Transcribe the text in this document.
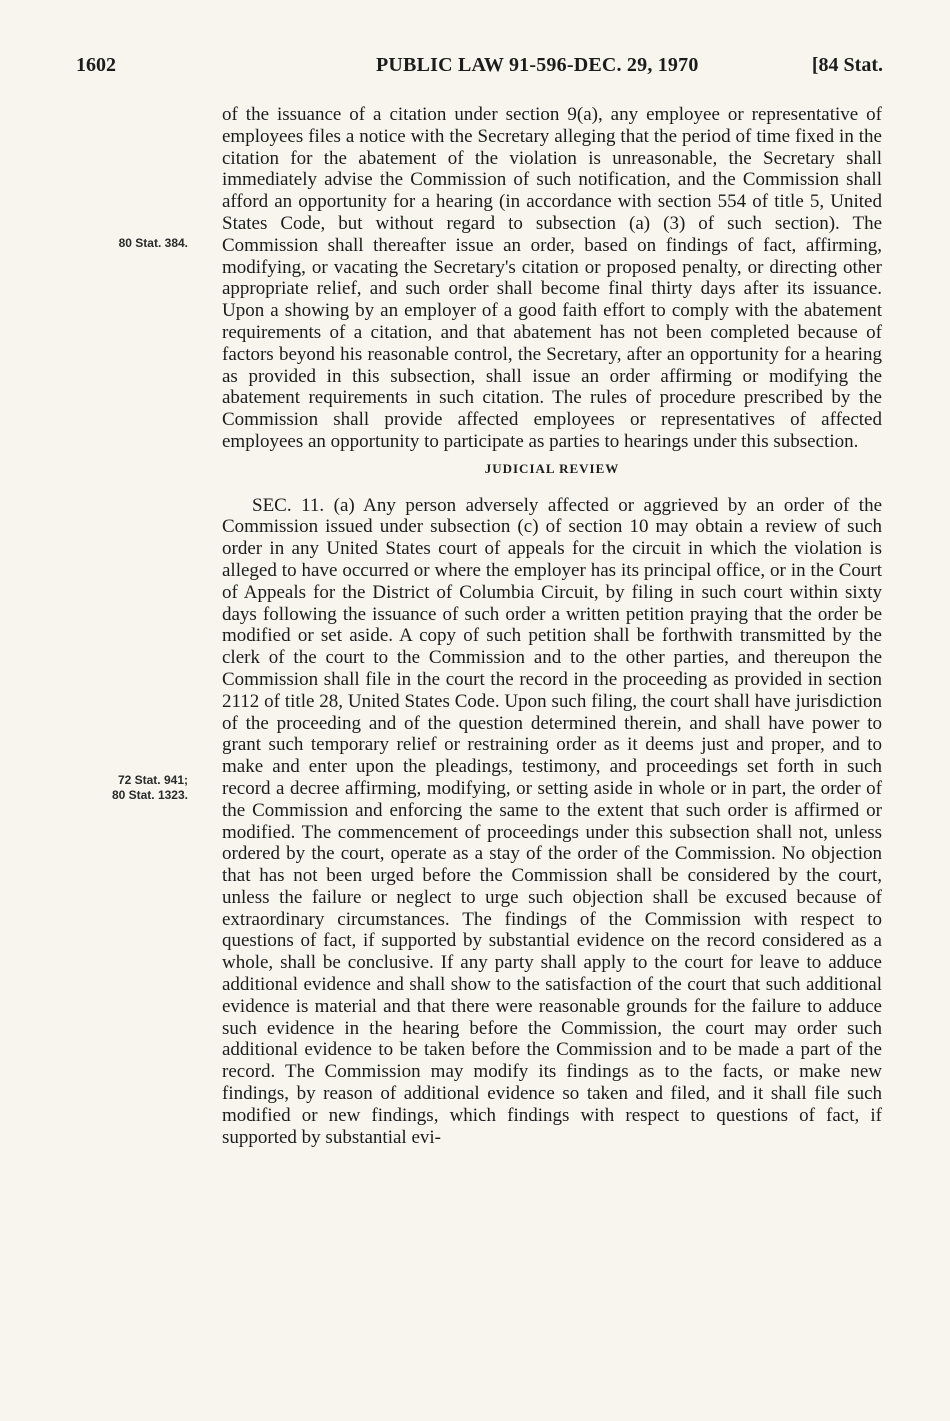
1602	PUBLIC LAW 91-596-DEC. 29, 1970	[84 Stat.
80 Stat. 384.
72 Stat. 941;
80 Stat. 1323.

of the issuance of a citation under section 9(a), any employee or representative of employees files a notice with the Secretary alleging that the period of time fixed in the citation for the abatement of the violation is unreasonable, the Secretary shall immediately advise the Commission of such notification, and the Commission shall afford an opportunity for a hearing (in accordance with section 554 of title 5, United States Code, but without regard to subsection (a) (3) of such section). The Commission shall thereafter issue an order, based on findings of fact, affirming, modifying, or vacating the Secretary's citation or proposed penalty, or directing other appropriate relief, and such order shall become final thirty days after its issuance. Upon a showing by an employer of a good faith effort to comply with the abatement requirements of a citation, and that abatement has not been completed because of factors beyond his reasonable control, the Secretary, after an opportunity for a hearing as provided in this subsection, shall issue an order affirming or modifying the abatement requirements in such citation. The rules of procedure prescribed by the Commission shall provide affected employees or representatives of affected employees an opportunity to participate as parties to hearings under this subsection.

JUDICIAL REVIEW

SEC. 11. (a) Any person adversely affected or aggrieved by an order of the Commission issued under subsection (c) of section 10 may obtain a review of such order in any United States court of appeals for the circuit in which the violation is alleged to have occurred or where the employer has its principal office, or in the Court of Appeals for the District of Columbia Circuit, by filing in such court within sixty days following the issuance of such order a written petition praying that the order be modified or set aside. A copy of such petition shall be forthwith transmitted by the clerk of the court to the Commission and to the other parties, and thereupon the Commission shall file in the court the record in the proceeding as provided in section 2112 of title 28, United States Code. Upon such filing, the court shall have jurisdiction of the proceeding and of the question determined therein, and shall have power to grant such temporary relief or restraining order as it deems just and proper, and to make and enter upon the pleadings, testimony, and proceedings set forth in such record a decree affirming, modifying, or setting aside in whole or in part, the order of the Commission and enforcing the same to the extent that such order is affirmed or modified. The commencement of proceedings under this subsection shall not, unless ordered by the court, operate as a stay of the order of the Commission. No objection that has not been urged before the Commission shall be considered by the court, unless the failure or neglect to urge such objection shall be excused because of extraordinary circumstances. The findings of the Commission with respect to questions of fact, if supported by substantial evidence on the record considered as a whole, shall be conclusive. If any party shall apply to the court for leave to adduce additional evidence and shall show to the satisfaction of the court that such additional evidence is material and that there were reasonable grounds for the failure to adduce such evidence in the hearing before the Commission, the court may order such additional evidence to be taken before the Commission and to be made a part of the record. The Commission may modify its findings as to the facts, or make new findings, by reason of additional evidence so taken and filed, and it shall file such modified or new findings, which findings with respect to questions of fact, if supported by substantial evi-
